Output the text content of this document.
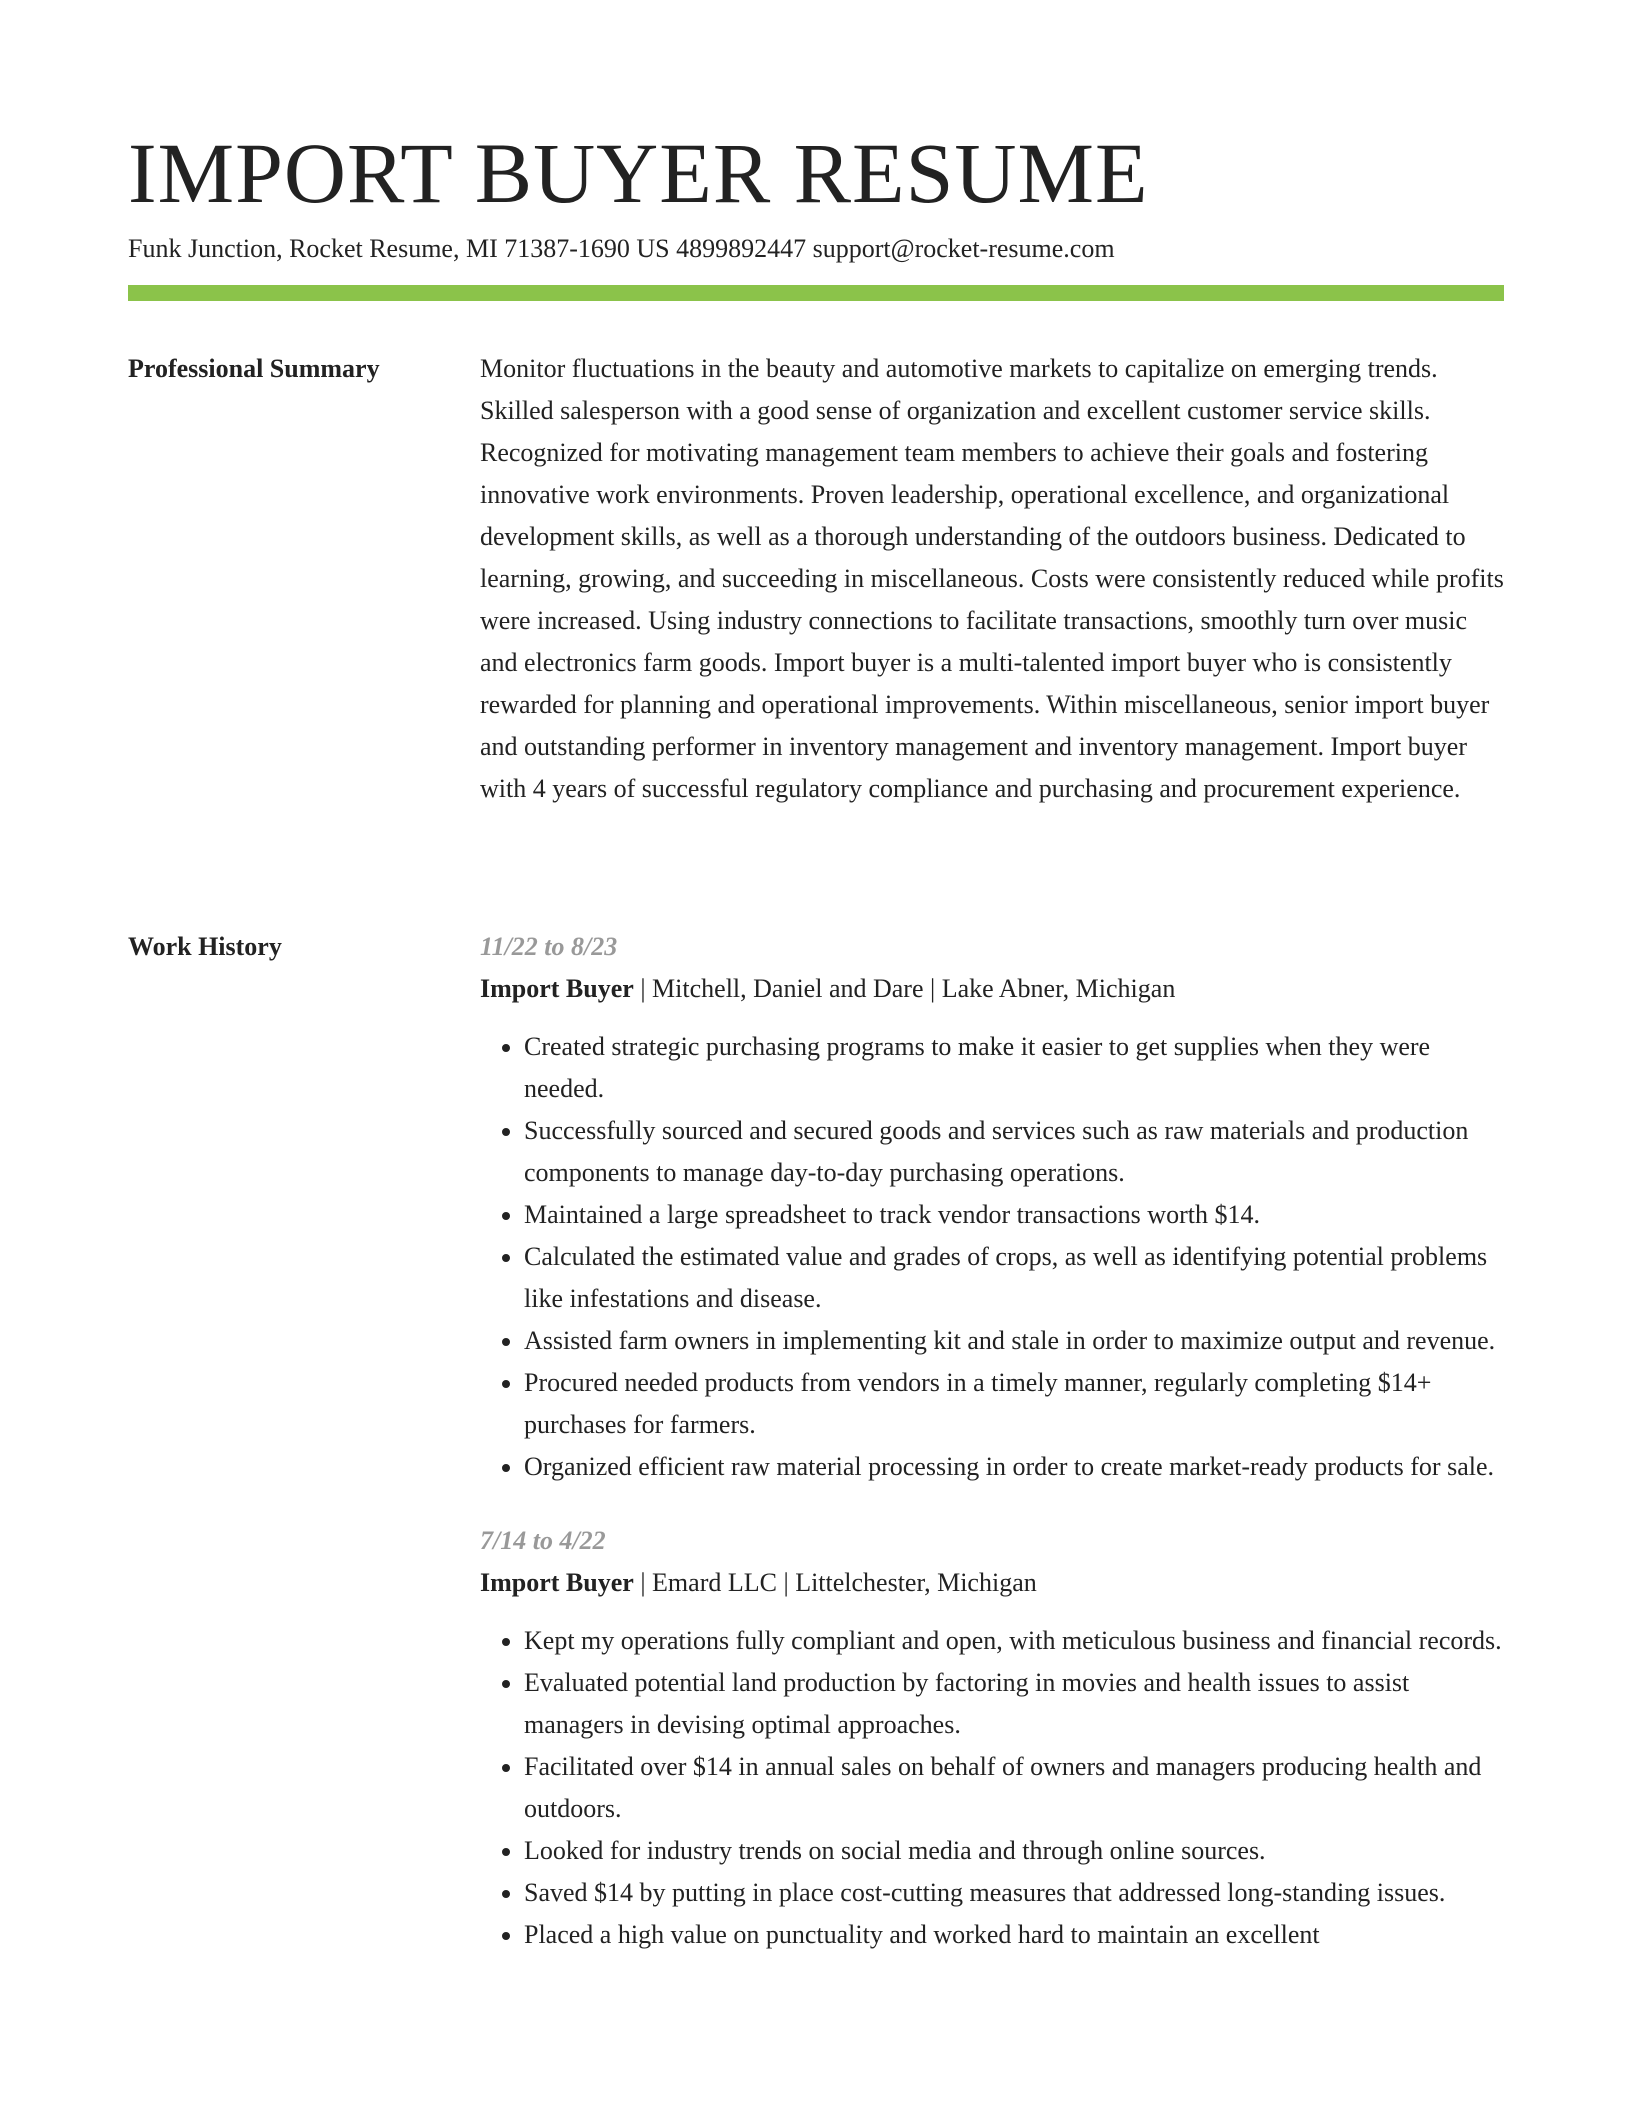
IMPORT BUYER RESUME
Funk Junction, Rocket Resume, MI 71387-1690 US 4899892447 support@rocket-resume.com
Professional Summary	Monitor fluctuations in the beauty and automotive markets to capitalize on emerging trends. Skilled salesperson with a good sense of organization and excellent customer service skills. Recognized for motivating management team members to achieve their goals and fostering innovative work environments. Proven leadership, operational excellence, and organizational development skills, as well as a thorough understanding of the outdoors business. Dedicated to learning, growing, and succeeding in miscellaneous. Costs were consistently reduced while profits were increased. Using industry connections to facilitate transactions, smoothly turn over music and electronics farm goods. Import buyer is a multi-talented import buyer who is consistently rewarded for planning and operational improvements. Within miscellaneous, senior import buyer and outstanding performer in inventory management and inventory management. Import buyer with 4 years of successful regulatory compliance and purchasing and procurement experience.

Work History	11/22 to 8/23
Import Buyer | Mitchell, Daniel and Dare | Lake Abner, Michigan
• Created strategic purchasing programs to make it easier to get supplies when they were needed.
• Successfully sourced and secured goods and services such as raw materials and production components to manage day-to-day purchasing operations.
• Maintained a large spreadsheet to track vendor transactions worth $14.
• Calculated the estimated value and grades of crops, as well as identifying potential problems like infestations and disease.
• Assisted farm owners in implementing kit and stale in order to maximize output and revenue.
• Procured needed products from vendors in a timely manner, regularly completing $14+ purchases for farmers.
• Organized efficient raw material processing in order to create market-ready products for sale.
7/14 to 4/22
Import Buyer | Emard LLC | Littelchester, Michigan
• Kept my operations fully compliant and open, with meticulous business and financial records.
• Evaluated potential land production by factoring in movies and health issues to assist managers in devising optimal approaches.
• Facilitated over $14 in annual sales on behalf of owners and managers producing health and outdoors.
• Looked for industry trends on social media and through online sources.
• Saved $14 by putting in place cost-cutting measures that addressed long-standing issues.
• Placed a high value on punctuality and worked hard to maintain an excellent
